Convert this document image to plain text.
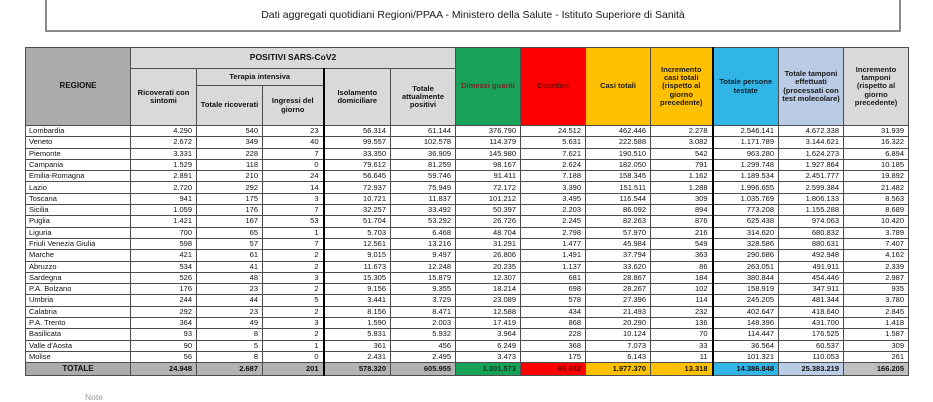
Dati aggregati quotidiani Regioni/PPAA - Ministero della Salute - Istituto Superiore di Sanità
REGIONE	POSITIVI SARS-CoV2					Dimessi guariti	Deceduti	Casi totali	Incremento casi totali (rispetto al giorno precedente)	Totale persone testate	Totale tamponi effettuati (processati con test molecolare)	Incremento tamponi (rispetto al giorno precedente)
	Ricoverati con sintomi	Terapia intensiva		Isolamento domiciliare	Totale attualmente positivi							
		Totale ricoverati	Ingressi del giorno									
Lombardia	4.290	540	23	56.314	61.144	376.790	24.512	462.446	2.278	2.546.141	4.672.338	31.939
Veneto	2.672	349	40	99.557	102.578	114.379	5.631	222.588	3.082	1.171.789	3.144.621	16.322
Piemonte	3.331	228	7	33.350	36.909	145.980	7.621	190.510	542	963.280	1.624.273	6.894
Campania	1.529	118	0	79.612	81.259	98.167	2.624	182.050	791	1.299.748	1.927.864	10.185
Emilia-Romagna	2.891	210	24	56.645	59.746	91.411	7.188	158.345	1.162	1.189.534	2.451.777	19.892
Lazio	2.720	292	14	72.937	75.949	72.172	3.390	151.511	1.288	1.996.655	2.599.384	21.482
Toscana	941	175	3	10.721	11.837	101.212	3.495	116.544	309	1.035.769	1.806.133	8.563
Sicilia	1.059	176	7	32.257	33.492	50.397	2.203	86.092	894	773.208	1.155.288	8.689
Puglia	1.421	167	53	51.704	53.292	26.726	2.245	82.263	876	625.438	974.063	10.420
Liguria	700	65	1	5.703	6.468	48.704	2.798	57.970	216	314.620	680.832	3.789
Friuli Venezia Giulia	598	57	7	12.561	13.216	31.291	1.477	45.984	549	328.586	880.631	7.407
Marche	421	61	2	9.015	9.497	26.806	1.491	37.794	363	290.686	492.948	4.162
Abruzzo	534	41	2	11.673	12.248	20.235	1.137	33.620	86	263.051	491.911	2.339
Sardegna	526	48	3	15.305	15.879	12.307	681	28.867	184	380.844	454.446	2.987
P.A. Bolzano	176	23	2	9.156	9.355	18.214	698	28.267	102	158.919	347.911	935
Umbria	244	44	5	3.441	3.729	23.089	578	27.396	114	245.205	481.344	3.780
Calabria	292	23	2	8.156	8.471	12.588	434	21.493	232	402.647	418.640	2.845
P.A. Trento	364	49	3	1.590	2.003	17.419	868	20.290	136	148.396	431.700	1.418
Basilicata	93	8	2	5.831	5.932	3.964	228	10.124	70	114.447	176.525	1.587
Valle d'Aosta	90	5	1	361	456	6.249	368	7.073	33	36.564	60.537	309
Molise	56	8	0	2.431	2.495	3.473	175	6.143	11	101.321	110.053	261
TOTALE	24.948	2.687	201	578.320	605.955	1.301.573	69.842	1.977.370	13.318	14.386.848	25.383.219	166.205
Note
